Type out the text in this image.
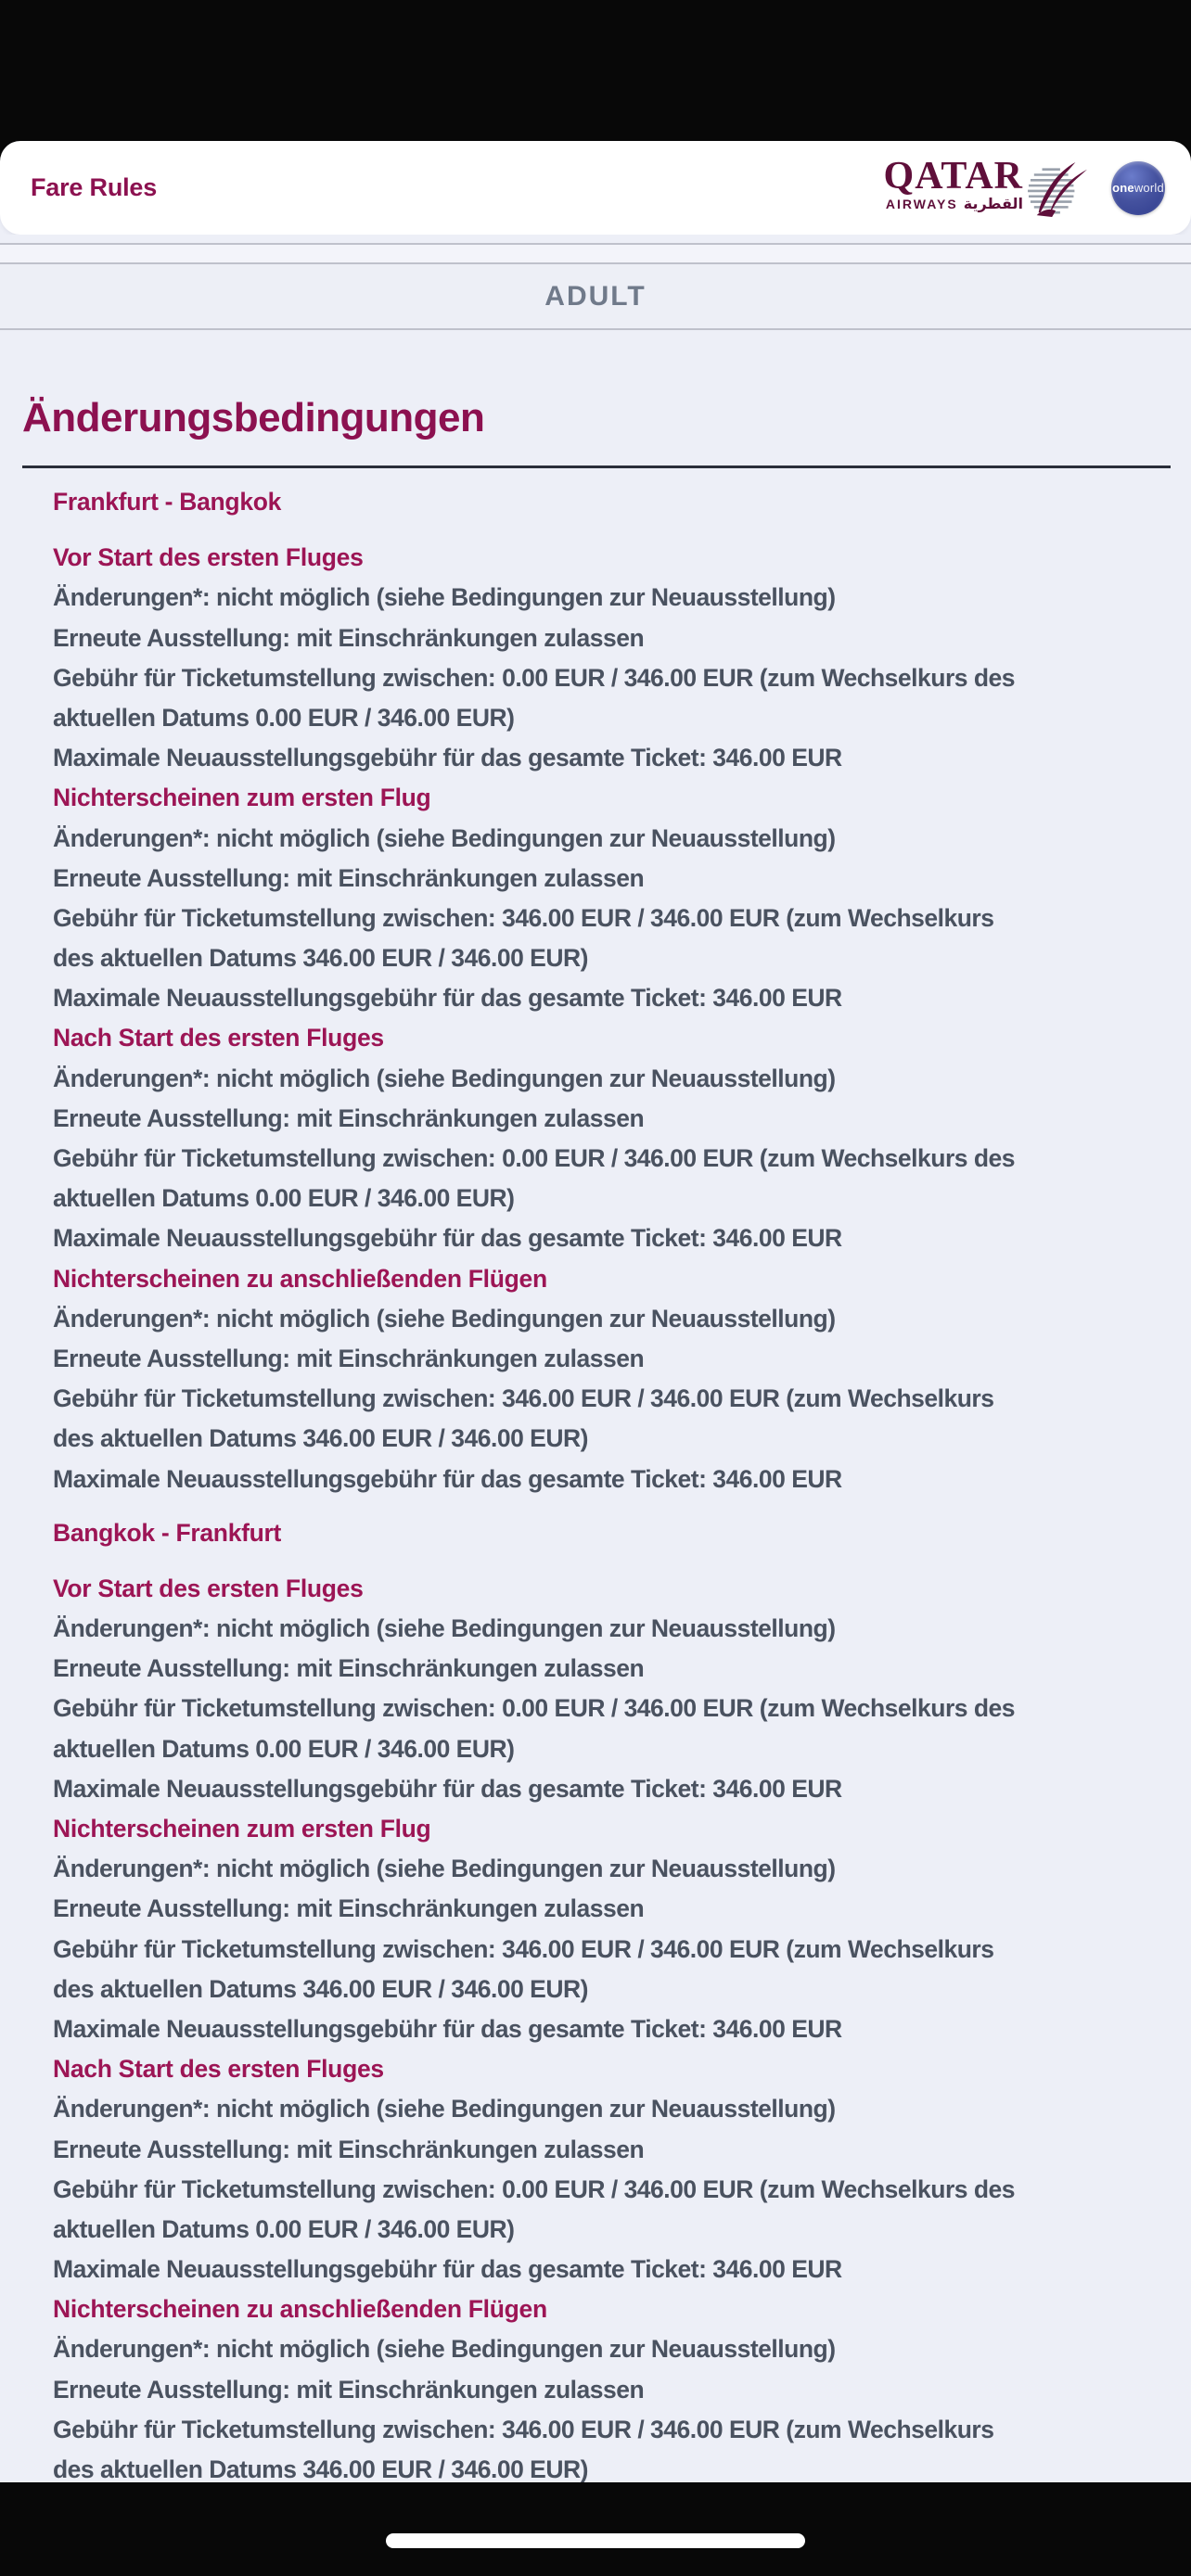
Fare Rules	QATAR
AIRWAYS القطرية
one world
ADULT
Änderungsbedingungen
Frankfurt - Bangkok
Vor Start des ersten Fluges
Änderungen*: nicht möglich (siehe Bedingungen zur Neuausstellung)
Erneute Ausstellung: mit Einschränkungen zulassen
Gebühr für Ticketumstellung zwischen: 0.00 EUR / 346.00 EUR (zum Wechselkurs des
aktuellen Datums 0.00 EUR / 346.00 EUR)
Maximale Neuausstellungsgebühr für das gesamte Ticket: 346.00 EUR
Nichterscheinen zum ersten Flug
Änderungen*: nicht möglich (siehe Bedingungen zur Neuausstellung)
Erneute Ausstellung: mit Einschränkungen zulassen
Gebühr für Ticketumstellung zwischen: 346.00 EUR / 346.00 EUR (zum Wechselkurs
des aktuellen Datums 346.00 EUR / 346.00 EUR)
Maximale Neuausstellungsgebühr für das gesamte Ticket: 346.00 EUR
Nach Start des ersten Fluges
Änderungen*: nicht möglich (siehe Bedingungen zur Neuausstellung)
Erneute Ausstellung: mit Einschränkungen zulassen
Gebühr für Ticketumstellung zwischen: 0.00 EUR / 346.00 EUR (zum Wechselkurs des
aktuellen Datums 0.00 EUR / 346.00 EUR)
Maximale Neuausstellungsgebühr für das gesamte Ticket: 346.00 EUR
Nichterscheinen zu anschließenden Flügen
Änderungen*: nicht möglich (siehe Bedingungen zur Neuausstellung)
Erneute Ausstellung: mit Einschränkungen zulassen
Gebühr für Ticketumstellung zwischen: 346.00 EUR / 346.00 EUR (zum Wechselkurs
des aktuellen Datums 346.00 EUR / 346.00 EUR)
Maximale Neuausstellungsgebühr für das gesamte Ticket: 346.00 EUR
Bangkok - Frankfurt
Vor Start des ersten Fluges
Änderungen*: nicht möglich (siehe Bedingungen zur Neuausstellung)
Erneute Ausstellung: mit Einschränkungen zulassen
Gebühr für Ticketumstellung zwischen: 0.00 EUR / 346.00 EUR (zum Wechselkurs des
aktuellen Datums 0.00 EUR / 346.00 EUR)
Maximale Neuausstellungsgebühr für das gesamte Ticket: 346.00 EUR
Nichterscheinen zum ersten Flug
Änderungen*: nicht möglich (siehe Bedingungen zur Neuausstellung)
Erneute Ausstellung: mit Einschränkungen zulassen
Gebühr für Ticketumstellung zwischen: 346.00 EUR / 346.00 EUR (zum Wechselkurs
des aktuellen Datums 346.00 EUR / 346.00 EUR)
Maximale Neuausstellungsgebühr für das gesamte Ticket: 346.00 EUR
Nach Start des ersten Fluges
Änderungen*: nicht möglich (siehe Bedingungen zur Neuausstellung)
Erneute Ausstellung: mit Einschränkungen zulassen
Gebühr für Ticketumstellung zwischen: 0.00 EUR / 346.00 EUR (zum Wechselkurs des
aktuellen Datums 0.00 EUR / 346.00 EUR)
Maximale Neuausstellungsgebühr für das gesamte Ticket: 346.00 EUR
Nichterscheinen zu anschließenden Flügen
Änderungen*: nicht möglich (siehe Bedingungen zur Neuausstellung)
Erneute Ausstellung: mit Einschränkungen zulassen
Gebühr für Ticketumstellung zwischen: 346.00 EUR / 346.00 EUR (zum Wechselkurs
des aktuellen Datums 346.00 EUR / 346.00 EUR)
